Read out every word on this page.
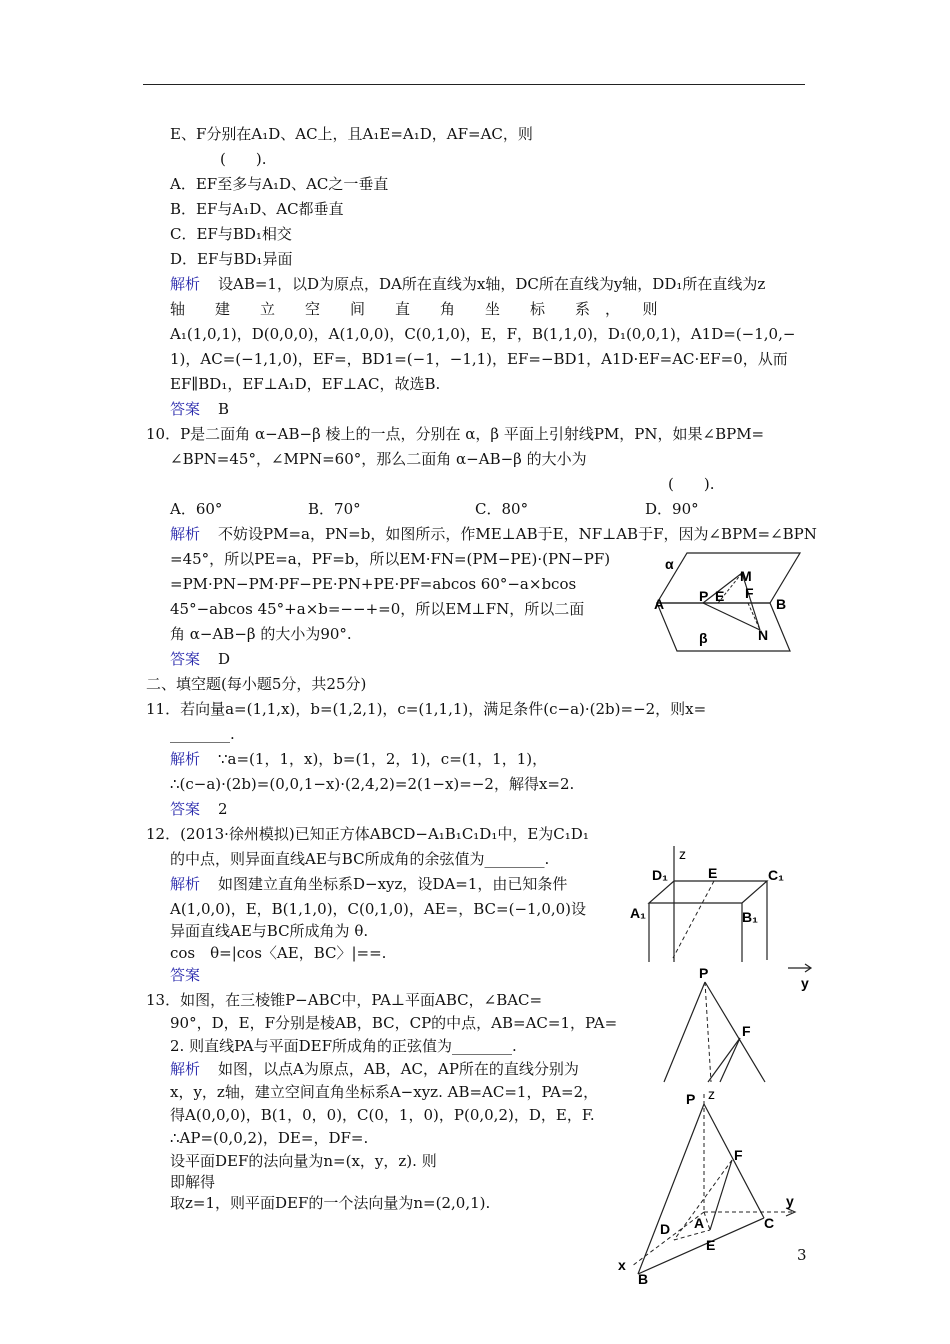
E、F分别在A₁D、AC上，且A₁E=A₁D，AF=AC，则
(　　).
A．EF至多与A₁D、AC之一垂直
B．EF与A₁D、AC都垂直
C．EF与BD₁相交
D．EF与BD₁异面
解析 设AB=1，以D为原点，DA所在直线为x轴，DC所在直线为y轴，DD₁所在直线为z
轴　　建　　立　　空　　间　　直　　角　　坐　　标　　系　，　　则
A₁(1,0,1)，D(0,0,0)，A(1,0,0)，C(0,1,0)，E，F，B(1,1,0)，D₁(0,0,1)，A1D=(−1,0,−
1)，AC=(−1,1,0)，EF=，BD1=(−1，−1,1)，EF=−BD1，A1D·EF=AC·EF=0，从而
EF∥BD₁，EF⊥A₁D，EF⊥AC，故选B.
答案 B
10．P是二面角 α−AB−β 棱上的一点，分别在 α，β 平面上引射线PM，PN，如果∠BPM=
∠BPN=45°，∠MPN=60°，那么二面角 α−AB−β 的大小为
(　　).
A．60°	B．70°	C．80°	D．90°
解析 不妨设PM=a，PN=b，如图所示，作ME⊥AB于E，NF⊥AB于F，因为∠BPM=∠BPN
=45°，所以PE=a，PF=b，所以EM·FN=(PM−PE)·(PN−PF)
=PM·PN−PM·PF−PE·PN+PE·PF=abcos 60°−a×bcos
45°−abcos 45°+a×b=−−+=0，所以EM⊥FN，所以二面
角 α−AB−β 的大小为90°.
答案 D
α
M
P E F
A	B
β	N
二、填空题(每小题5分，共25分)
11．若向量a=(1,1,x)，b=(1,2,1)，c=(1,1,1)，满足条件(c−a)·(2b)=−2，则x=
________.
解析 ∵a=(1，1，x)，b=(1，2，1)，c=(1，1，1)，
∴(c−a)·(2b)=(0,0,1−x)·(2,4,2)=2(1−x)=−2，解得x=2.
答案 2
12．(2013·徐州模拟)已知正方体ABCD−A₁B₁C₁D₁中，E为C₁D₁
的中点，则异面直线AE与BC所成角的余弦值为________.
解析 如图建立直角坐标系D−xyz，设DA=1，由已知条件
A(1,0,0)，E，B(1,1,0)，C(0,1,0)，AE=，BC=(−1,0,0)设
异面直线AE与BC所成角为 θ.
cos　θ=|cos〈AE，BC〉|==.
答案
z
D₁	E	C₁
A₁	B₁
y
13．如图，在三棱锥P−ABC中，PA⊥平面ABC，∠BAC=
90°，D，E，F分别是棱AB，BC，CP的中点，AB=AC=1，PA=
2. 则直线PA与平面DEF所成角的正弦值为________.
解析 如图，以点A为原点，AB，AC，AP所在的直线分别为
x，y，z轴，建立空间直角坐标系A−xyz. AB=AC=1，PA=2，
得A(0,0,0)，B(1，0，0)，C(0，1，0)，P(0,0,2)，D，E，F.
∴AP=(0,0,2)，DE=，DF=.
设平面DEF的法向量为n=(x，y，z). 则
即解得
取z=1，则平面DEF的一个法向量为n=(2,0,1).
P
F
P z
F
y
D A	C
E
x
B
3
